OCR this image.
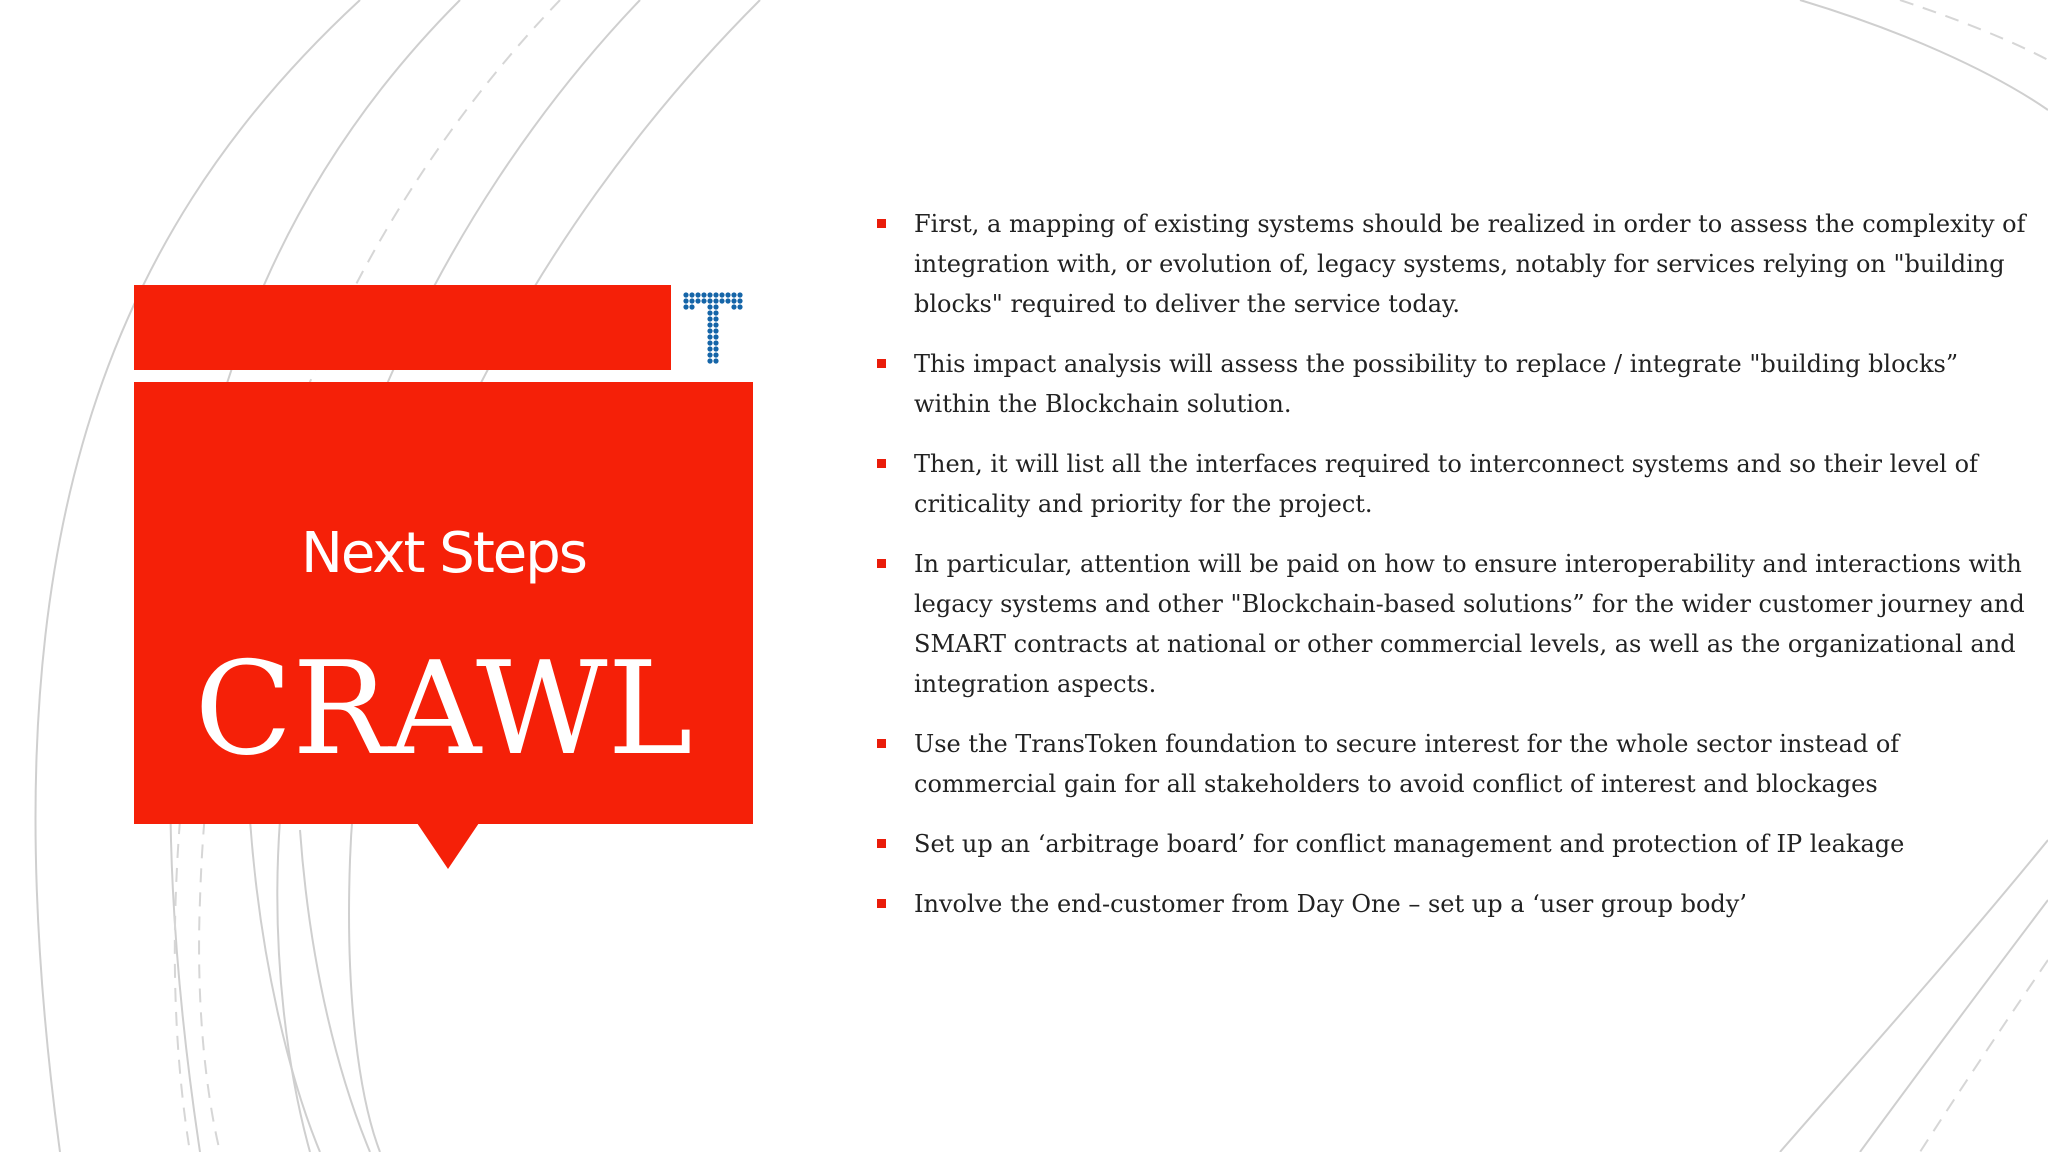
Next Steps
CRAWL
First, a mapping of existing systems should be realized in order to assess the complexity of integration with, or evolution of, legacy systems, notably for services relying on "building blocks" required to deliver the service today.
This impact analysis will assess the possibility to replace / integrate "building blocks” within the Blockchain solution.
Then, it will list all the interfaces required to interconnect systems and so their level of criticality and priority for the project.
In particular, attention will be paid on how to ensure interoperability and interactions with legacy systems and other "Blockchain-based solutions” for the wider customer journey and SMART contracts at national or other commercial levels, as well as the organizational and integration aspects.
Use the TransToken foundation to secure interest for the whole sector instead of commercial gain for all stakeholders to avoid conflict of interest and blockages
Set up an ‘arbitrage board’ for conflict management and protection of IP leakage
Involve the end-customer from Day One – set up a ‘user group body’
